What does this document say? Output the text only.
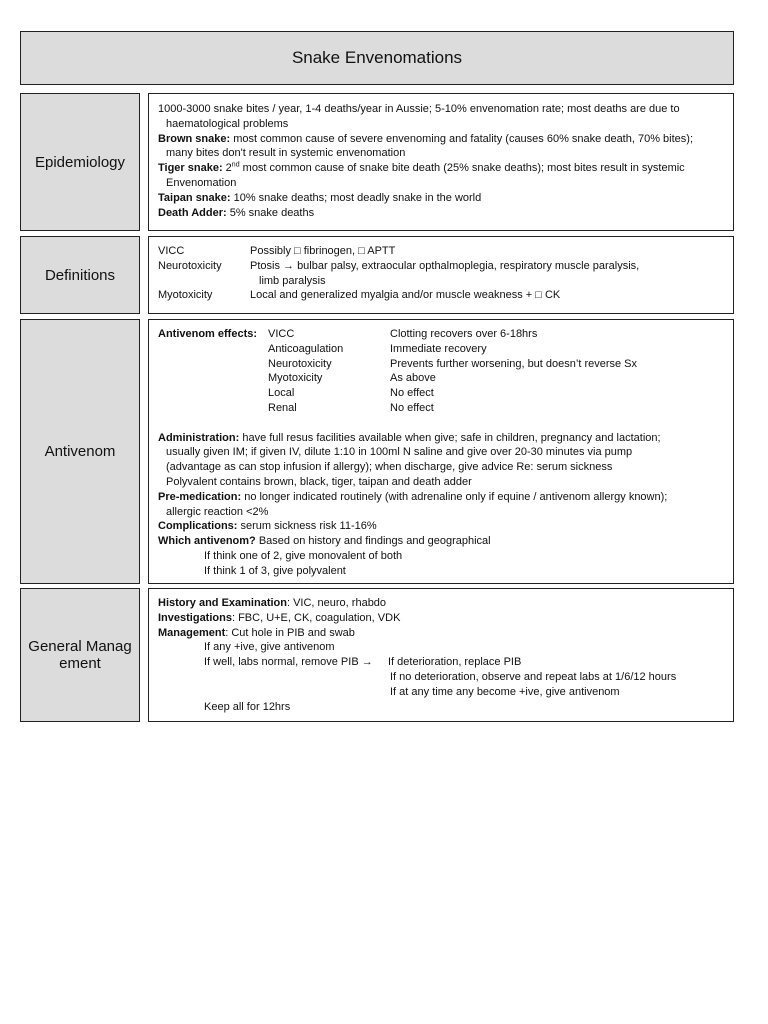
Snake Envenomations
Epidemiology
1000-3000 snake bites / year, 1-4 deaths/year in Aussie; 5-10% envenomation rate; most deaths are due to
haematological problems
Brown snake: most common cause of severe envenoming and fatality (causes 60% snake death, 70% bites);
many bites don't result in systemic envenomation
Tiger snake: 2nd most common cause of snake bite death (25% snake deaths); most bites result in systemic
Envenomation
Taipan snake: 10% snake deaths; most deadly snake in the world
Death Adder: 5% snake deaths
Definitions
VICC	Possibly □ fibrinogen, □ APTT
Neurotoxicity	Ptosis → bulbar palsy, extraocular opthalmoplegia, respiratory muscle paralysis,
limb paralysis
Myotoxicity	Local and generalized myalgia and/or muscle weakness + □ CK
Antivenom
Antivenom effects: VICC	Clotting recovers over 6-18hrs
Anticoagulation	Immediate recovery
Neurotoxicity	Prevents further worsening, but doesn’t reverse Sx
Myotoxicity	As above
Local	No effect
Renal	No effect
Administration: have full resus facilities available when give; safe in children, pregnancy and lactation;
usually given IM; if given IV, dilute 1:10 in 100ml N saline and give over 20-30 minutes via pump
(advantage as can stop infusion if allergy); when discharge, give advice Re: serum sickness
Polyvalent contains brown, black, tiger, taipan and death adder
Pre-medication: no longer indicated routinely (with adrenaline only if equine / antivenom allergy known);
allergic reaction <2%
Complications: serum sickness risk 11-16%
Which antivenom? Based on history and findings and geographical
If think one of 2, give monovalent of both
If think 1 of 3, give polyvalent
General Management
History and Examination: VIC, neuro, rhabdo
Investigations: FBC, U+E, CK, coagulation, VDK
Management: Cut hole in PIB and swab
If any +ive, give antivenom
If well, labs normal, remove PIB → If deterioration, replace PIB
If no deterioration, observe and repeat labs at 1/6/12 hours
If at any time any become +ive, give antivenom
Keep all for 12hrs
